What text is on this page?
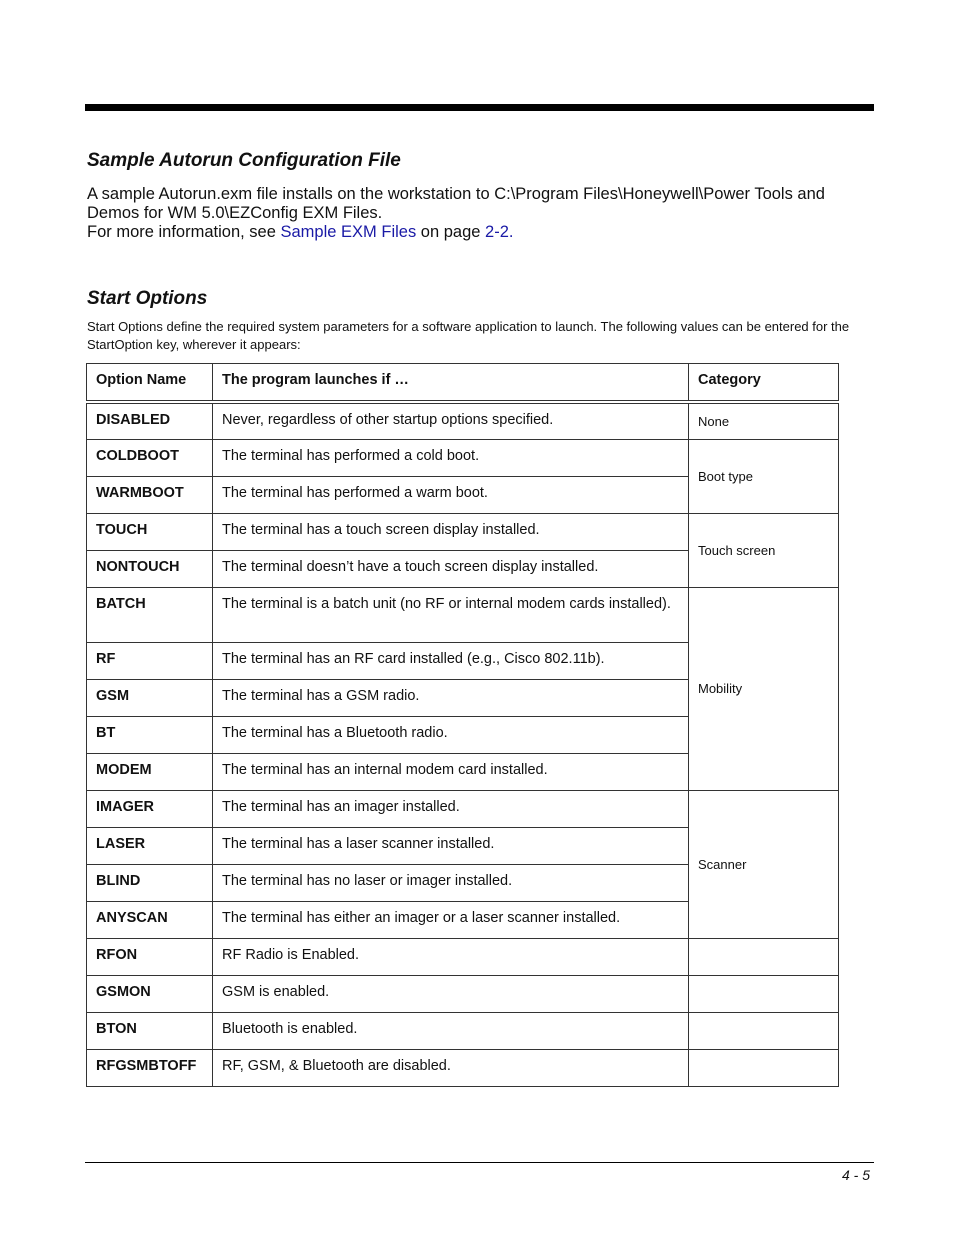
Sample Autorun Configuration File

A sample Autorun.exm file installs on the workstation to C:\Program Files\Honeywell\Power Tools and Demos for WM 5.0\EZConfig EXM Files.

For more information, see Sample EXM Files on page 2-2.

Start Options

Start Options define the required system parameters for a software application to launch. The following values can be entered for the StartOption key, wherever it appears:

Option Name	The program launches if …	Category
DISABLED	Never, regardless of other startup options specified.	None
COLDBOOT	The terminal has performed a cold boot.	Boot type
WARMBOOT	The terminal has performed a warm boot.	
TOUCH	The terminal has a touch screen display installed.	Touch screen
NONTOUCH	The terminal doesn’t have a touch screen display installed.	
BATCH	The terminal is a batch unit (no RF or internal modem cards installed).	Mobility
RF	The terminal has an RF card installed (e.g., Cisco 802.11b).	
GSM	The terminal has a GSM radio.	
BT	The terminal has a Bluetooth radio.	
MODEM	The terminal has an internal modem card installed.	
IMAGER	The terminal has an imager installed.	Scanner
LASER	The terminal has a laser scanner installed.	
BLIND	The terminal has no laser or imager installed.	
ANYSCAN	The terminal has either an imager or a laser scanner installed.	
RFON	RF Radio is Enabled.	
GSMON	GSM is enabled.	
BTON	Bluetooth is enabled.	
RFGSMBTOFF	RF, GSM, & Bluetooth are disabled.	
4 - 5
